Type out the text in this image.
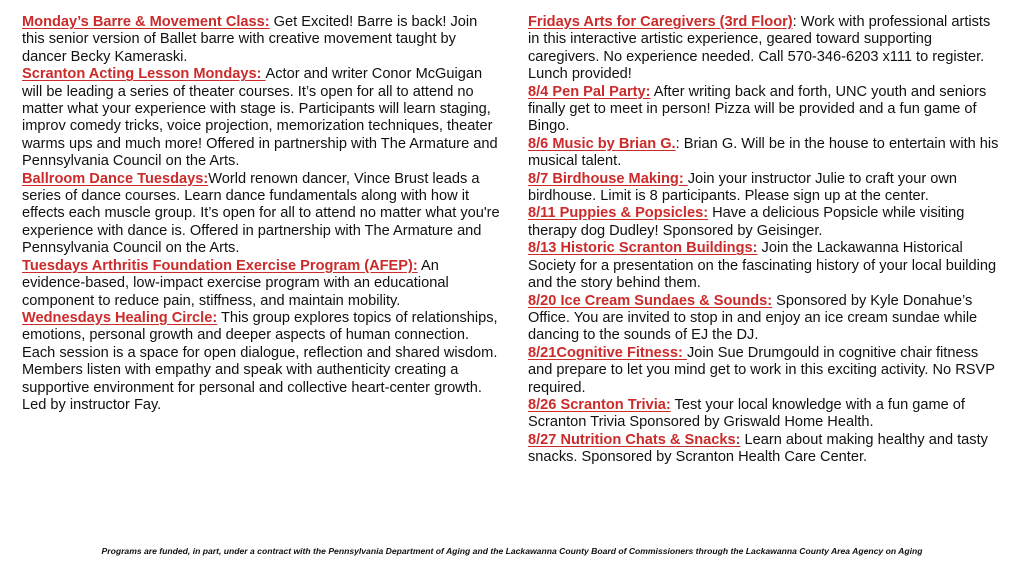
Monday’s Barre & Movement Class: Get Excited! Barre is back! Join this senior version of Ballet barre with creative movement taught by dancer Becky Kameraski.

Scranton Acting Lesson Mondays: Actor and writer Conor McGuigan will be leading a series of theater courses. It’s open for all to attend no matter what your experience with stage is. Participants will learn staging, improv comedy tricks, voice projection, memorization techniques, theater warms ups and much more! Offered in partnership with The Armature and Pennsylvania Council on the Arts.

Ballroom Dance Tuesdays:World renown dancer, Vince Brust leads a series of dance courses. Learn dance fundamentals along with how it effects each muscle group. It’s open for all to attend no matter what you're experience with dance is. Offered in partnership with The Armature and Pennsylvania Council on the Arts.

Tuesdays Arthritis Foundation Exercise Program (AFEP): An evidence-based, low-impact exercise program with an educational component to reduce pain, stiffness, and maintain mobility.

Wednesdays Healing Circle: This group explores topics of relationships, emotions, personal growth and deeper aspects of human connection. Each session is a space for open dialogue, reflection and shared wisdom. Members listen with empathy and speak with authenticity creating a supportive environment for personal and collective heart-center growth. Led by instructor Fay.

Fridays Arts for Caregivers (3rd Floor): Work with professional artists in this interactive artistic experience, geared toward supporting caregivers. No experience needed. Call 570-346-6203 x111 to register. Lunch provided!

8/4 Pen Pal Party: After writing back and forth, UNC youth and seniors finally get to meet in person! Pizza will be provided and a fun game of Bingo.

8/6 Music by Brian G.: Brian G. Will be in the house to entertain with his musical talent.

8/7 Birdhouse Making: Join your instructor Julie to craft your own birdhouse. Limit is 8 participants. Please sign up at the center.

8/11 Puppies & Popsicles: Have a delicious Popsicle while visiting therapy dog Dudley! Sponsored by Geisinger.

8/13 Historic Scranton Buildings: Join the Lackawanna Historical Society for a presentation on the fascinating history of your local building and the story behind them.

8/20 Ice Cream Sundaes & Sounds: Sponsored by Kyle Donahue’s Office. You are invited to stop in and enjoy an ice cream sundae while dancing to the sounds of EJ the DJ.

8/21Cognitive Fitness: Join Sue Drumgould in cognitive chair fitness and prepare to let you mind get to work in this exciting activity. No RSVP required.

8/26 Scranton Trivia: Test your local knowledge with a fun game of Scranton Trivia Sponsored by Griswald Home Health.

8/27 Nutrition Chats & Snacks: Learn about making healthy and tasty snacks. Sponsored by Scranton Health Care Center.

Programs are funded, in part, under a contract with the Pennsylvania Department of Aging and the Lackawanna County Board of Commissioners through the Lackawanna County Area Agency on Aging
